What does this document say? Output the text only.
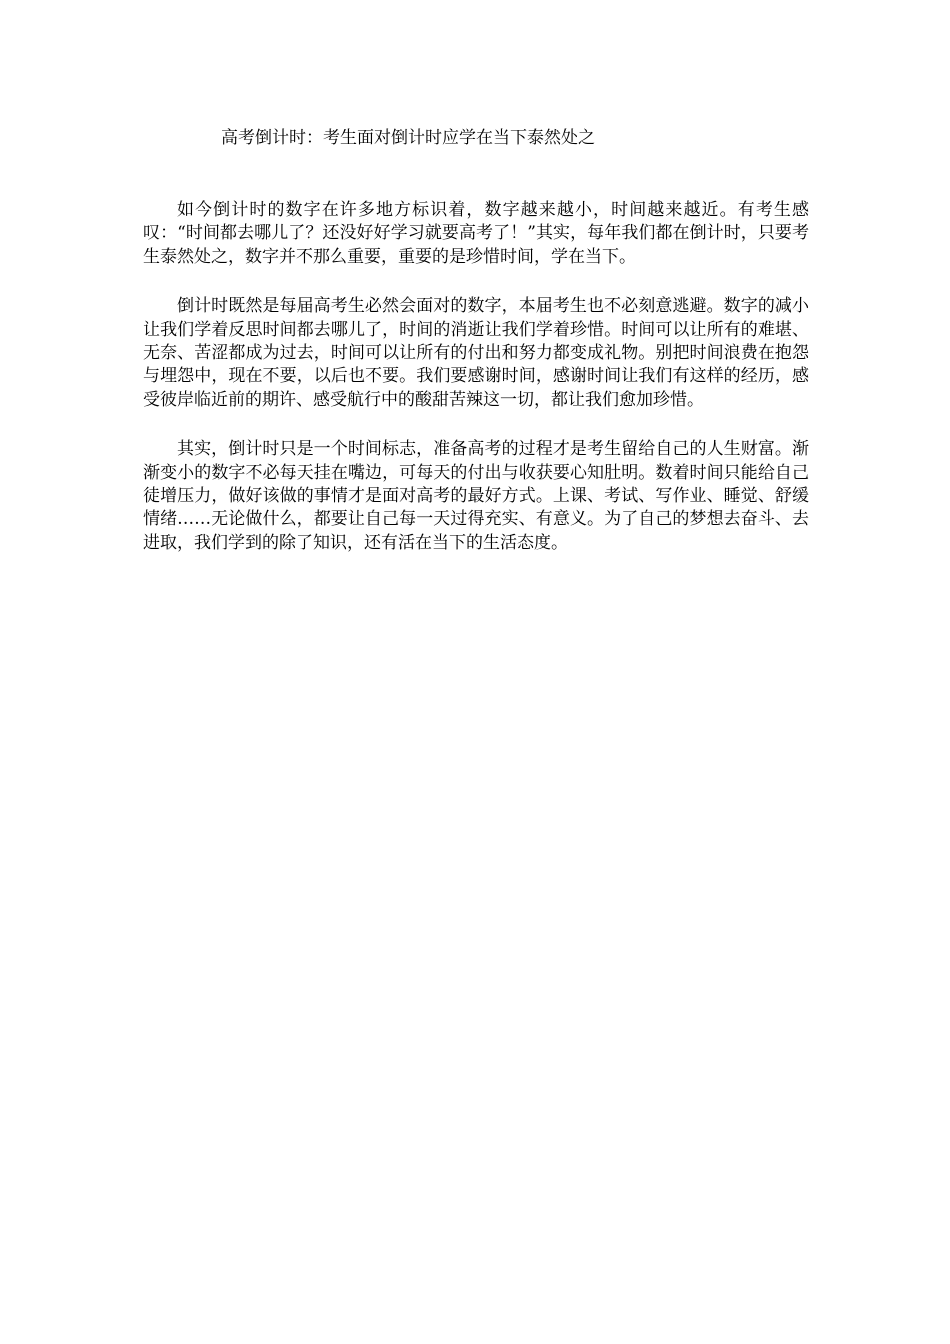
高考倒计时：考生面对倒计时应学在当下泰然处之

如今倒计时的数字在许多地方标识着，数字越来越小，时间越来越近。有考生感叹：“时间都去哪儿了？还没好好学习就要高考了！”其实，每年我们都在倒计时，只要考生泰然处之，数字并不那么重要，重要的是珍惜时间，学在当下。

倒计时既然是每届高考生必然会面对的数字，本届考生也不必刻意逃避。数字的减小让我们学着反思时间都去哪儿了，时间的消逝让我们学着珍惜。时间可以让所有的难堪、无奈、苦涩都成为过去，时间可以让所有的付出和努力都变成礼物。别把时间浪费在抱怨与埋怨中，现在不要，以后也不要。我们要感谢时间，感谢时间让我们有这样的经历，感受彼岸临近前的期许、感受航行中的酸甜苦辣这一切，都让我们愈加珍惜。

其实，倒计时只是一个时间标志，准备高考的过程才是考生留给自己的人生财富。渐渐变小的数字不必每天挂在嘴边，可每天的付出与收获要心知肚明。数着时间只能给自己徒增压力，做好该做的事情才是面对高考的最好方式。上课、考试、写作业、睡觉、舒缓情绪……无论做什么，都要让自己每一天过得充实、有意义。为了自己的梦想去奋斗、去进取，我们学到的除了知识，还有活在当下的生活态度。
